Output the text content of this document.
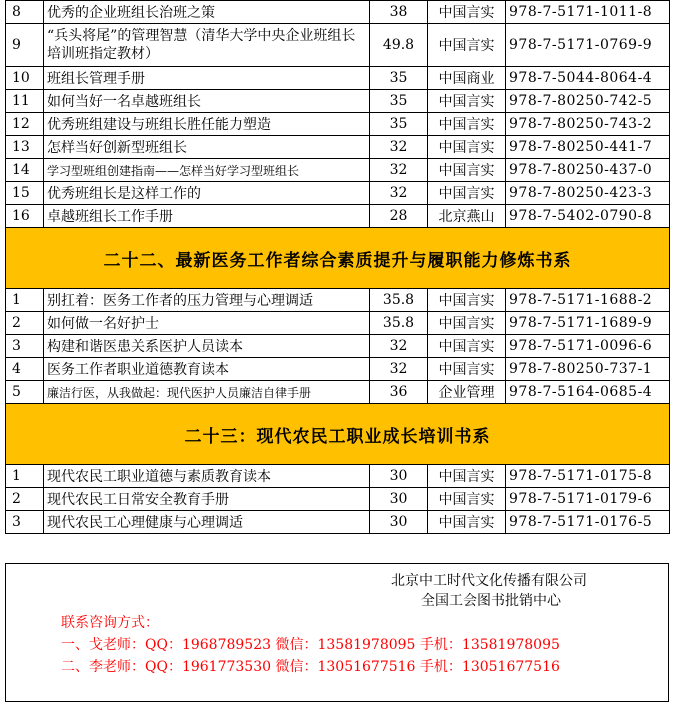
8	优秀的企业班组长治班之策	38	中国言实	978-7-5171-1011-8
9	“兵头将尾”的管理智慧（清华大学中央企业班组长培训班指定教材）	49.8	中国言实	978-7-5171-0769-9
10	班组长管理手册	35	中国商业	978-7-5044-8064-4
11	如何当好一名卓越班组长	35	中国言实	978-7-80250-742-5
12	优秀班组建设与班组长胜任能力塑造	35	中国言实	978-7-80250-743-2
13	怎样当好创新型班组长	32	中国言实	978-7-80250-441-7
14	学习型班组创建指南——怎样当好学习型班组长	32	中国言实	978-7-80250-437-0
15	优秀班组长是这样工作的	32	中国言实	978-7-80250-423-3
16	卓越班组长工作手册	28	北京燕山	978-7-5402-0790-8
二十二、最新医务工作者综合素质提升与履职能力修炼书系				
1	别扛着：医务工作者的压力管理与心理调适	35.8	中国言实	978-7-5171-1688-2
2	如何做一名好护士	35.8	中国言实	978-7-5171-1689-9
3	构建和谐医患关系医护人员读本	32	中国言实	978-7-5171-0096-6
4	医务工作者职业道德教育读本	32	中国言实	978-7-80250-737-1
5	廉洁行医，从我做起：现代医护人员廉洁自律手册	36	企业管理	978-7-5164-0685-4
二十三：现代农民工职业成长培训书系				
1	现代农民工职业道德与素质教育读本	30	中国言实	978-7-5171-0175-8
2	现代农民工日常安全教育手册	30	中国言实	978-7-5171-0179-6
3	现代农民工心理健康与心理调适	30	中国言实	978-7-5171-0176-5
北京中工时代文化传播有限公司
全国工会图书批销中心
联系咨询方式：
一、戈老师：QQ：1968789523 微信：13581978095 手机：13581978095
二、李老师：QQ：1961773530 微信：13051677516 手机：13051677516
